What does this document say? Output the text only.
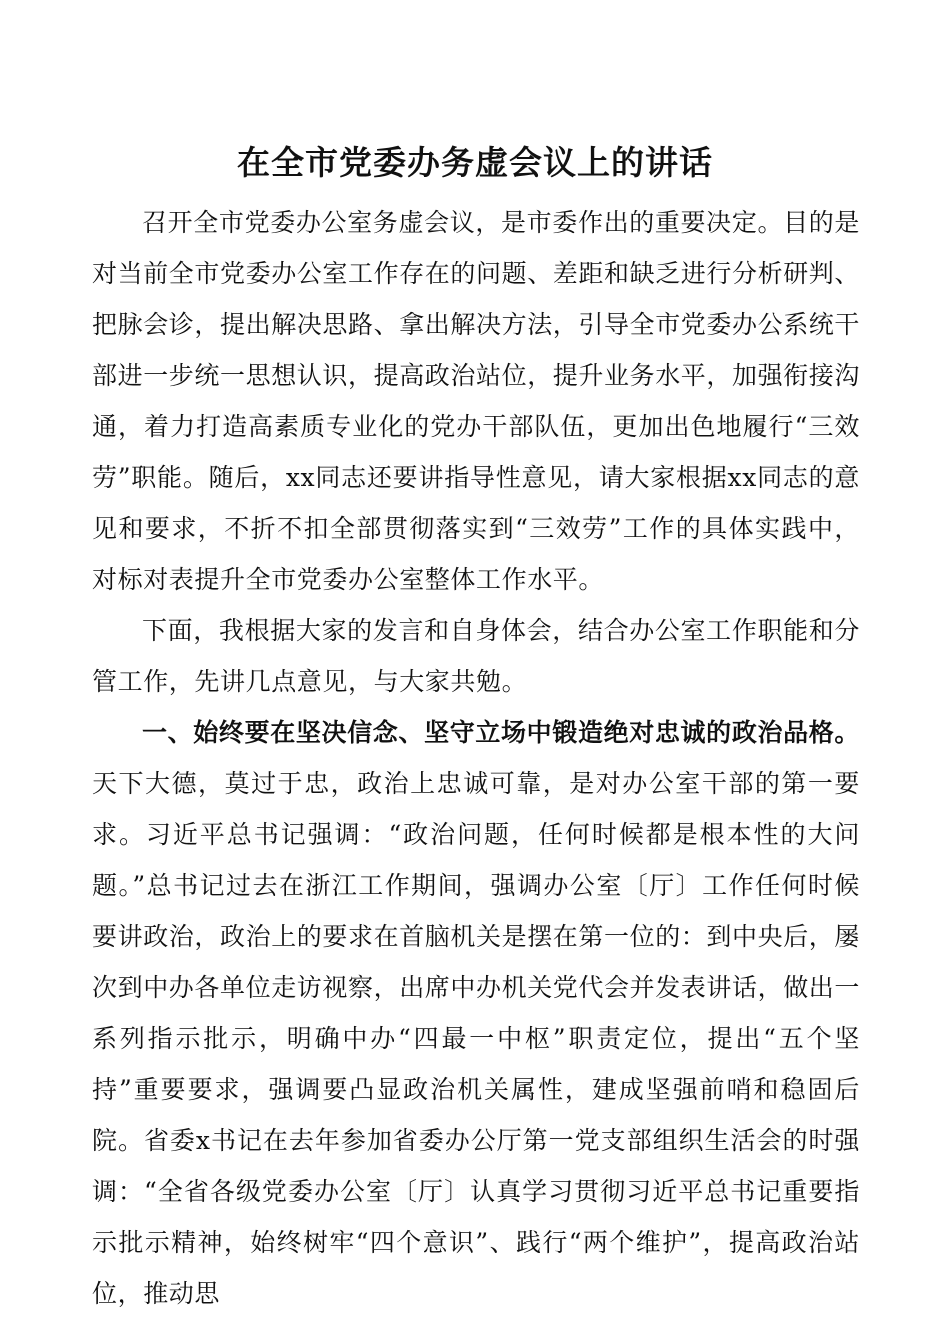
在全市党委办务虚会议上的讲话

召开全市党委办公室务虚会议，是市委作出的重要决定。目的是对当前全市党委办公室工作存在的问题、差距和缺乏进行分析研判、把脉会诊，提出解决思路、拿出解决方法，引导全市党委办公系统干部进一步统一思想认识，提高政治站位，提升业务水平，加强衔接沟通，着力打造高素质专业化的党办干部队伍，更加出色地履行“三效劳”职能。随后，xx同志还要讲指导性意见，请大家根据xx同志的意见和要求，不折不扣全部贯彻落实到“三效劳”工作的具体实践中，对标对表提升全市党委办公室整体工作水平。

下面，我根据大家的发言和自身体会，结合办公室工作职能和分管工作，先讲几点意见，与大家共勉。

一、始终要在坚决信念、坚守立场中锻造绝对忠诚的政治品格。天下大德，莫过于忠，政治上忠诚可靠，是对办公室干部的第一要求。习近平总书记强调：“政治问题，任何时候都是根本性的大问题。”总书记过去在浙江工作期间，强调办公室〔厅〕工作任何时候要讲政治，政治上的要求在首脑机关是摆在第一位的：到中央后，屡次到中办各单位走访视察，出席中办机关党代会并发表讲话，做出一系列指示批示，明确中办“四最一中枢”职责定位，提出“五个坚持”重要要求，强调要凸显政治机关属性，建成坚强前哨和稳固后院。省委x书记在去年参加省委办公厅第一党支部组织生活会的时强调：“全省各级党委办公室〔厅〕认真学习贯彻习近平总书记重要指示批示精神，始终树牢“四个意识”、践行“两个维护”，提高政治站位，推动思
